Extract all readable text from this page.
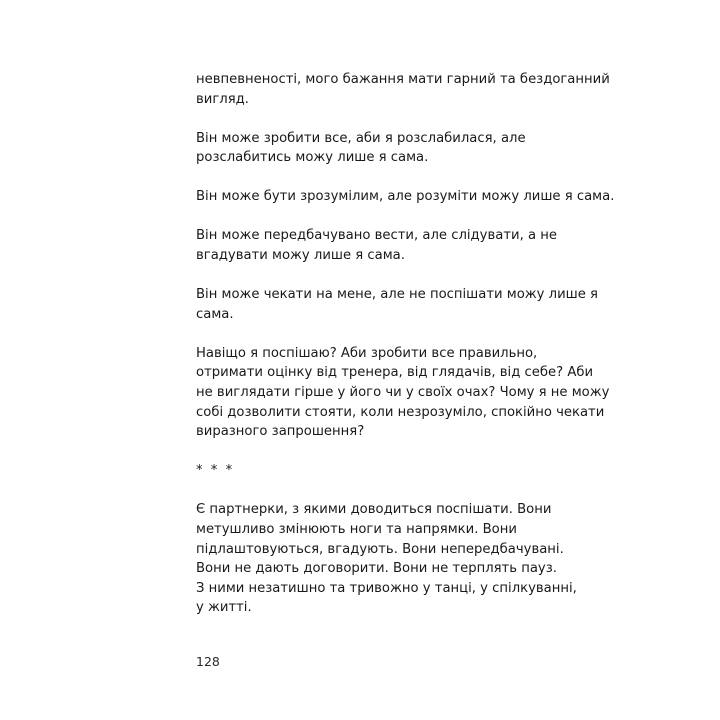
невпевненості, мого бажання мати гарний та бездоганний
вигляд.

Він може зробити все, аби я розслабилася, але
розслабитись можу лише я сама.

Він може бути зрозумілим, але розуміти можу лише я сама.

Він може передбачувано вести, але слідувати, а не
вгадувати можу лише я сама.

Він може чекати на мене, але не поспішати можу лише я
сама.

Навіщо я поспішаю? Аби зробити все правильно,
отримати оцінку від тренера, від глядачів, від себе? Аби
не виглядати гірше у його чи у своїх очах? Чому я не можу
собі дозволити стояти, коли незрозуміло, спокійно чекати
виразного запрошення?

* * *

Є партнерки, з якими доводиться поспішати. Вони
метушливо змінюють ноги та напрямки. Вони
підлаштовуються, вгадують. Вони непередбачувані.
Вони не дають договорити. Вони не терплять пауз.
З ними незатишно та тривожно у танці, у спілкуванні,
у житті.

128
